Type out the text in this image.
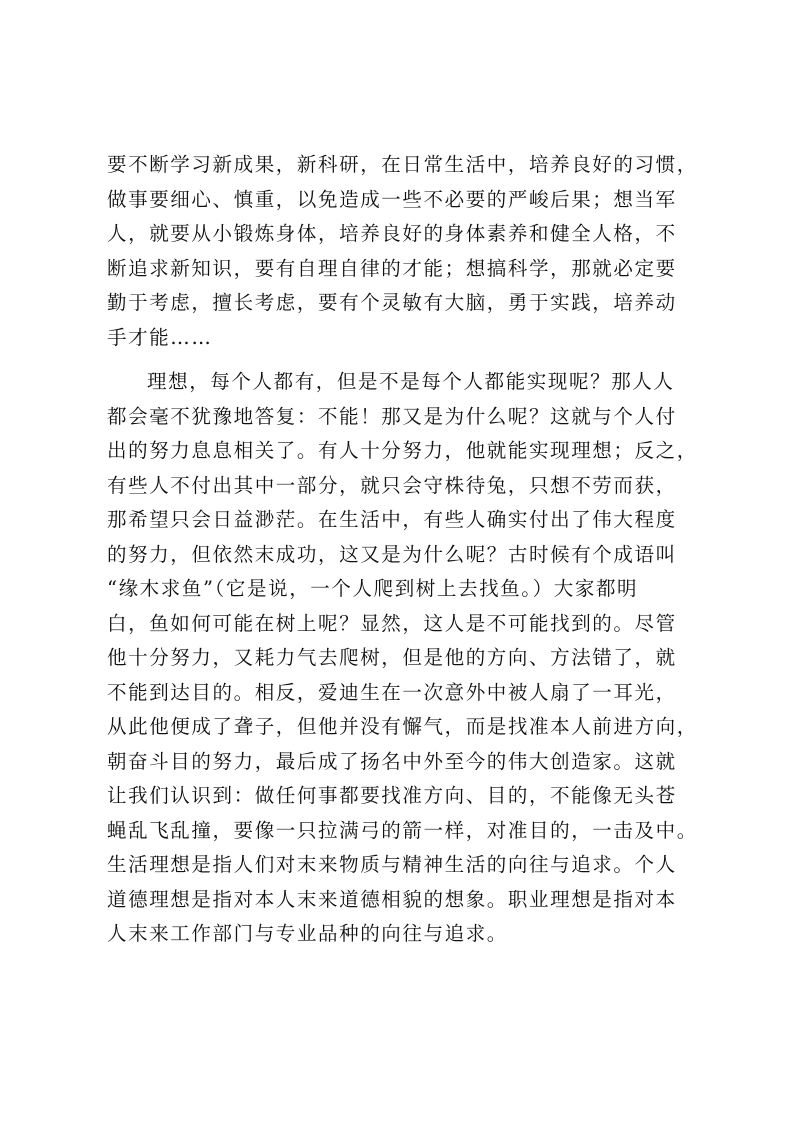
要不断学习新成果，新科研，在日常生活中，培养良好的习惯，
做事要细心、慎重，以免造成一些不必要的严峻后果；想当军
人，就要从小锻炼身体，培养良好的身体素养和健全人格，不
断追求新知识，要有自理自律的才能；想搞科学，那就必定要
勤于考虑，擅长考虑，要有个灵敏有大脑，勇于实践，培养动
手才能……
理想，每个人都有，但是不是每个人都能实现呢？那人人
都会毫不犹豫地答复：不能！那又是为什么呢？这就与个人付
出的努力息息相关了。有人十分努力，他就能实现理想；反之，
有些人不付出其中一部分，就只会守株待兔，只想不劳而获，
那希望只会日益渺茫。在生活中，有些人确实付出了伟大程度
的努力，但依然末成功，这又是为什么呢？古时候有个成语叫
“缘木求鱼”（它是说，一个人爬到树上去找鱼。）大家都明
白，鱼如何可能在树上呢？显然，这人是不可能找到的。尽管
他十分努力，又耗力气去爬树，但是他的方向、方法错了，就
不能到达目的。相反，爱迪生在一次意外中被人扇了一耳光，
从此他便成了聋子，但他并没有懈气，而是找准本人前进方向，
朝奋斗目的努力，最后成了扬名中外至今的伟大创造家。这就
让我们认识到：做任何事都要找准方向、目的，不能像无头苍
蝇乱飞乱撞，要像一只拉满弓的箭一样，对准目的，一击及中。
生活理想是指人们对末来物质与精神生活的向往与追求。个人
道德理想是指对本人末来道德相貌的想象。职业理想是指对本
人末来工作部门与专业品种的向往与追求。
